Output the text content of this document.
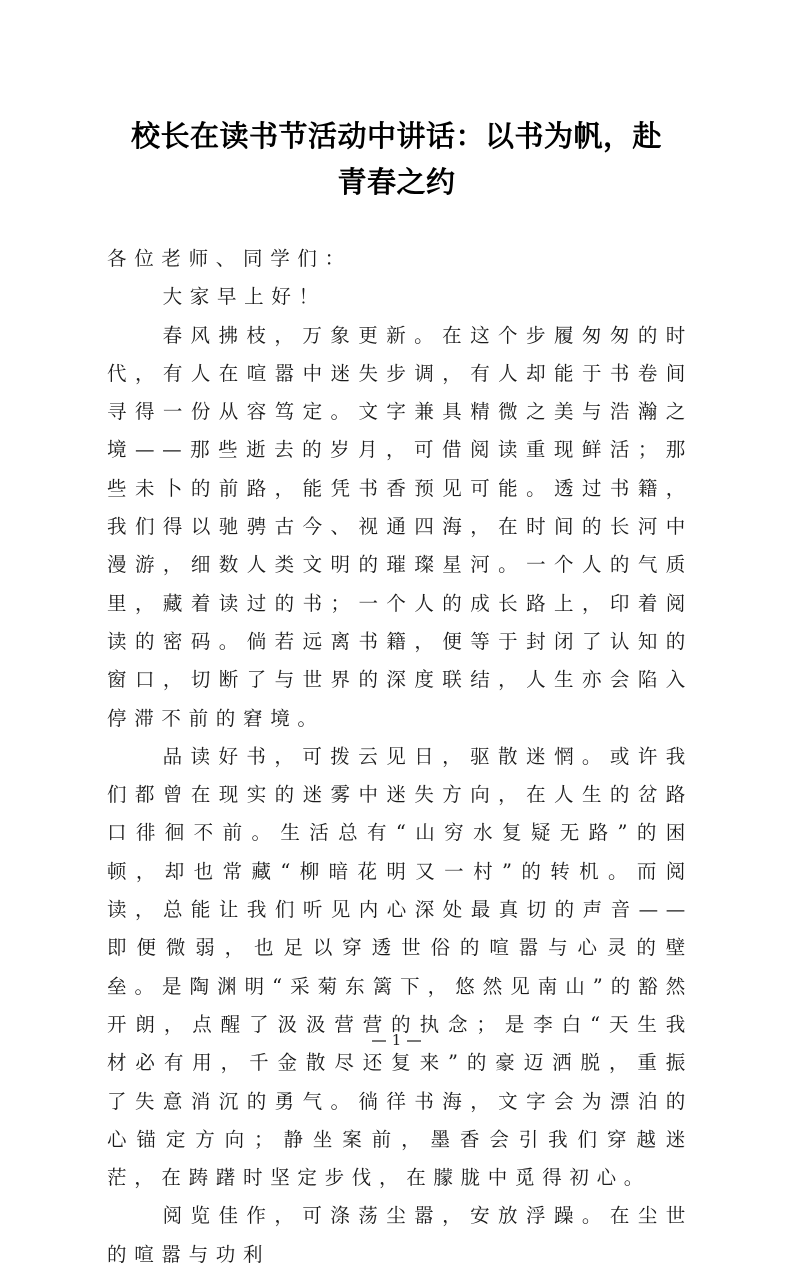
校长在读书节活动中讲话：以书为帆，赴
青春之约

各位老师、同学们：

大家早上好！

春风拂枝，万象更新。在这个步履匆匆的时代，有人在喧嚣中迷失步调，有人却能于书卷间寻得一份从容笃定。文字兼具精微之美与浩瀚之境——那些逝去的岁月，可借阅读重现鲜活；那些未卜的前路，能凭书香预见可能。透过书籍，我们得以驰骋古今、视通四海，在时间的长河中漫游，细数人类文明的璀璨星河。一个人的气质里，藏着读过的书；一个人的成长路上，印着阅读的密码。倘若远离书籍，便等于封闭了认知的窗口，切断了与世界的深度联结，人生亦会陷入停滞不前的窘境。

品读好书，可拨云见日，驱散迷惘。或许我们都曾在现实的迷雾中迷失方向，在人生的岔路口徘徊不前。生活总有“山穷水复疑无路”的困顿，却也常藏“柳暗花明又一村”的转机。而阅读，总能让我们听见内心深处最真切的声音——即便微弱，也足以穿透世俗的喧嚣与心灵的壁垒。是陶渊明“采菊东篱下，悠然见南山”的豁然开朗，点醒了汲汲营营的执念；是李白“天生我材必有用，千金散尽还复来”的豪迈洒脱，重振了失意消沉的勇气。徜徉书海，文字会为漂泊的心锚定方向；静坐案前，墨香会引我们穿越迷茫，在踌躇时坚定步伐，在朦胧中觅得初心。

阅览佳作，可涤荡尘嚣，安放浮躁。在尘世的喧嚣与功利

1
